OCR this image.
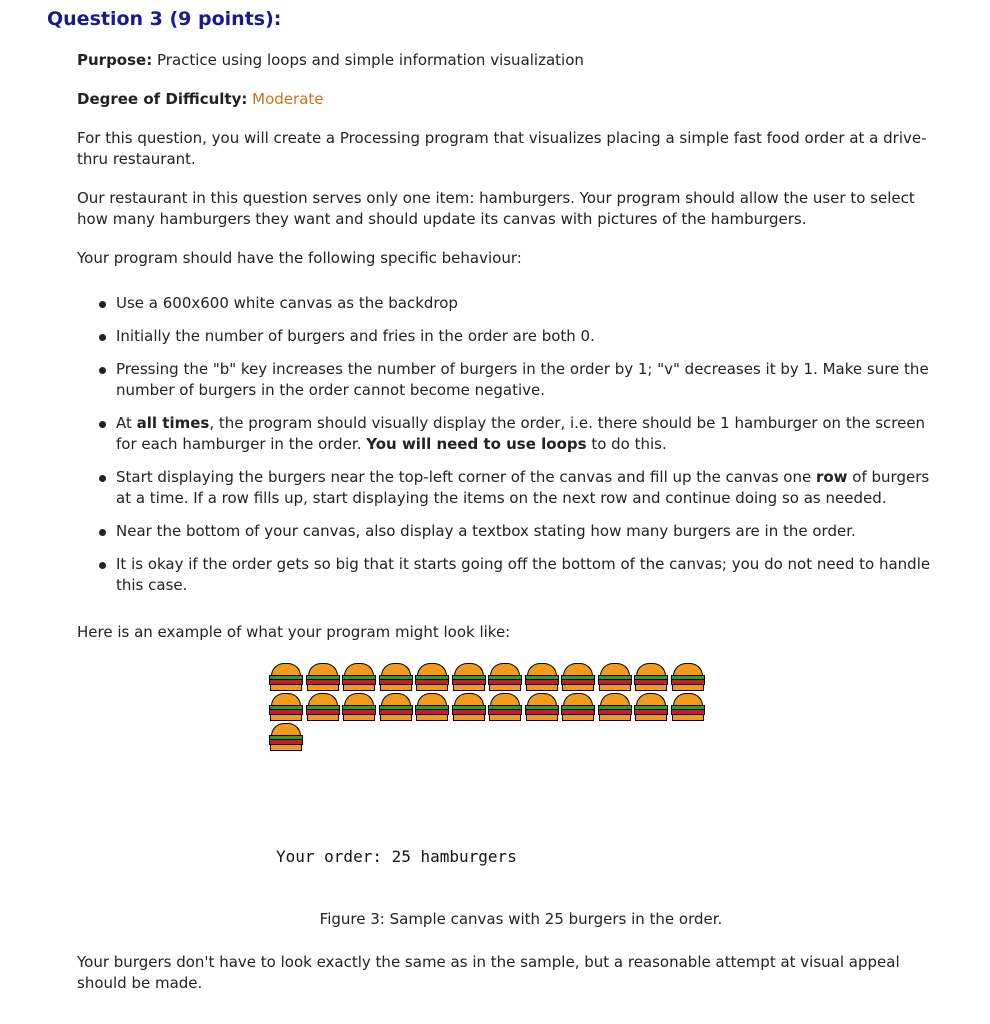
Question 3 (9 points):

Purpose: Practice using loops and simple information visualization

Degree of Difficulty: Moderate

For this question, you will create a Processing program that visualizes placing a simple fast food order at a drive-thru restaurant.

Our restaurant in this question serves only one item: hamburgers. Your program should allow the user to select how many hamburgers they want and should update its canvas with pictures of the hamburgers.

Your program should have the following specific behaviour:

Use a 600x600 white canvas as the backdrop
Initially the number of burgers and fries in the order are both 0.
Pressing the "b" key increases the number of burgers in the order by 1; "v" decreases it by 1. Make sure the number of burgers in the order cannot become negative.
At all times, the program should visually display the order, i.e. there should be 1 hamburger on the screen for each hamburger in the order. You will need to use loops to do this.
Start displaying the burgers near the top-left corner of the canvas and fill up the canvas one row of burgers at a time. If a row fills up, start displaying the items on the next row and continue doing so as needed.
Near the bottom of your canvas, also display a textbox stating how many burgers are in the order.
It is okay if the order gets so big that it starts going off the bottom of the canvas; you do not need to handle this case.

Here is an example of what your program might look like:

Your order: 25 hamburgers

Figure 3: Sample canvas with 25 burgers in the order.

Your burgers don't have to look exactly the same as in the sample, but a reasonable attempt at visual appeal should be made.
